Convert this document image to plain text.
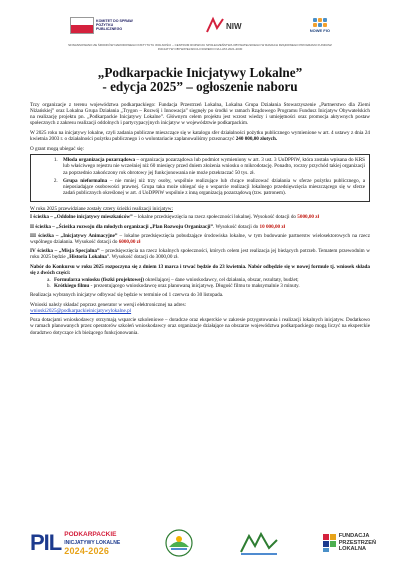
KOMITET DO SPRAW POŻYTKU PUBLICZNEGO	NIW	NOWE FIO
SFINANSOWANO ZE ŚRODKÓW NARODOWEGO INSTYTUTU WOLNOŚCI – CENTRUM ROZWOJU SPOŁECZEŃSTWA OBYWATELSKIEGO W RAMACH RZĄDOWEGO PROGRAMU FUNDUSZ INICJATYW OBYWATELSKICH NOWEFIO NA LATA 2021-2030
„Podkarpackie Inicjatywy Lokalne”
- edycja 2025” – ogłoszenie naboru

Trzy organizacje z terenu województwa podkarpackiego: Fundacja Przestrzeń Lokalna, Lokalna Grupa Działania Stowarzyszenie „Partnerstwo dla Ziemi Niżańskiej” oraz Lokalna Grupa Działania „Trygon – Rozwój i Innowacja” sięgnęły po środki w ramach Rządowego Programu Fundusz Inicjatyw Obywatelskich na realizację projektu pn. „Podkarpackie Inicjatywy Lokalne”. Głównym celem projektu jest wzrost wiedzy i umiejętności oraz promocja aktywnych postaw społecznych z zakresu realizacji oddolnych i partycypacyjnych inicjatyw w województwie podkarpackim.

W 2025 roku na inicjatywy lokalne, czyli zadania publiczne mieszczące się w katalogu sfer działalności pożytku publicznego wymienione w art. 4 ustawy z dnia 24 kwietnia 2003 r. o działalności pożytku publicznego i o wolontariacie zaplanowaliśmy przeznaczyć 240 000,00 złotych.

O grant mogą ubiegać się:

1. Młoda organizacja pozarządowa – organizacja pozarządowa lub podmiot wymieniony w art. 3 ust. 3 UoDPPiW, która została wpisana do KRS lub właściwego rejestru nie wcześniej niż 60 miesięcy przed dniem złożenia wniosku o mikrodotację. Ponadto, roczny przychód takiej organizacji za poprzednio zakończony rok obrotowy jej funkcjonowania nie może przekraczać 50 tys. zł.
2. Grupa nieformalna – nie mniej niż trzy osoby, wspólnie realizujące lub chcące realizować działania w sferze pożytku publicznego, a nieposiadające osobowości prawnej. Grupa taka może ubiegać się o wsparcie realizacji lokalnego przedsięwzięcia mieszczącego się w sferze zadań publicznych określonej w art. 4 UoDPPiW wspólnie z inną organizacją pozarządową (tzw. patronem).

W roku 2025 przewidziane zostały cztery ścieżki realizacji inicjatyw:

I ścieżka – „Oddolne inicjatywy mieszkańców” – lokalne przedsięwzięcia na rzecz społeczności lokalnej. Wysokość dotacji do 5000,00 zł

II ścieżka – „Ścieżka rozwoju dla młodych organizacji „Plan Rozwoju Organizacji”. Wysokość dotacji do 10 000,00 zł

III ścieżka – „Inicjatywy Animacyjne” – lokalne przedsięwzięcia pobudzające środowiska lokalne, w tym budowanie partnerstw wielosektorowych na rzecz wspólnego działania. Wysokość dotacji do 6000,00 zł

IV ścieżka – „Misja Specjalna” – przedsięwzięcia na rzecz lokalnych społeczności, których celem jest realizacja jej bieżących potrzeb. Tematem przewodnim w roku 2025 będzie „Historia Lokalna”. Wysokość dotacji do 3000,00 zł.

Nabór do Konkursu w roku 2025 rozpoczyna się z dniem 13 marca i trwać będzie do 23 kwietnia. Nabór odbędzie się w nowej formule tj. wniosek składa się z dwóch części:

a. Formularza wniosku (fiszki projektowej) określającej – dane wnioskodawcy, cel działania, obszar, rezultaty, budżet;
b. Krótkiego filmu - prezentującego wnioskodawcę oraz planowaną inicjatywę. Długość filmu to maksymalnie 3 minuty.

Realizacja wybranych inicjatyw odbywać się będzie w terminie od 1 czerwca do 30 listopada.

Wnioski należy składać poprzez generator w wersji elektronicznej na adres:
wnioski2025@podkarpackieinicjatywylokalne.pl

Poza dotacjami wnioskodawcy otrzymają wsparcie szkoleniowe – doradcze oraz eksperckie w zakresie przygotowania i realizacji lokalnych inicjatyw. Dodatkowo w ramach planowanych przez operatorów szkoleń wnioskodawcy oraz organizacje działające na obszarze województwa podkarpackiego mogą liczyć na eksperckie doradztwo dotyczące ich bieżącego funkcjonowania.

PIL PODKARPACKIE
INICJATYWY LOKALNE
2024-2026
FUNDACJA
PRZESTRZEŃ
LOKALNA
